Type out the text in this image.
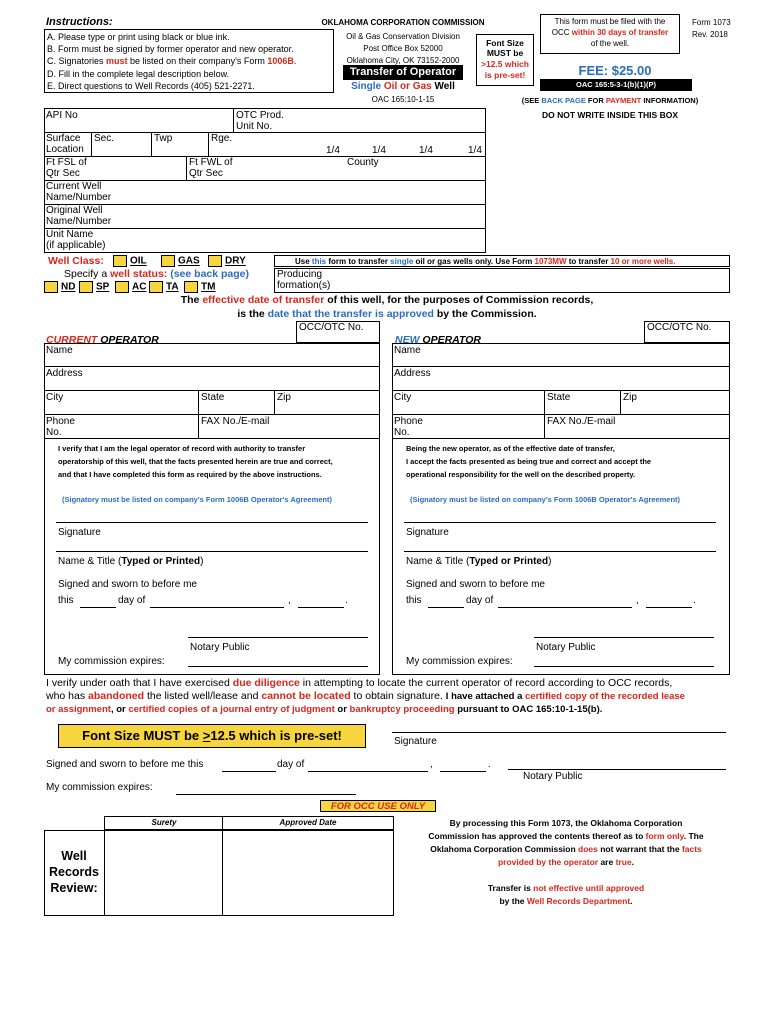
Instructions:
A. Please type or print using black or blue ink.
B. Form must be signed by former operator and new operator.
C. Signatories must be listed on their company's Form 1006B.
D. Fill in the complete legal description below.
E. Direct questions to Well Records (405) 521-2271.
OKLAHOMA CORPORATION COMMISSION
Oil & Gas Conservation Division
Post Office Box 52000
Oklahoma City, OK 73152-2000
Transfer of Operator
Single Oil or Gas Well
OAC 165:10-1-15
Font Size
MUST be
>12.5 which
is pre-set!
This form must be filed with the
OCC within 30 days of transfer
of the well.
Form 1073
Rev. 2018
FEE: $25.00
OAC 165:5-3-1(b)(1)(P)
(SEE BACK PAGE FOR PAYMENT INFORMATION)
API No	OTC Prod.
Unit No.
Surface
Location
Sec.	Twp	Rge.
1/4	1/4	1/4	1/4
Ft FSL of
Qtr Sec
Ft FWL of
Qtr Sec
County
Current Well
Name/Number
Original Well
Name/Number
Unit Name
(if applicable)
DO NOT WRITE INSIDE THIS BOX
Well Class:	OIL	GAS	DRY	Use this form to transfer single oil or gas wells only. Use Form 1073MW to transfer 10 or more wells.
Specify a well status: (see back page)
ND	SP	AC	TA	TM
Producing
formation(s)
The effective date of transfer of this well, for the purposes of Commission records,
is the date that the transfer is approved by the Commission.
OCC/OTC No.
CURRENT OPERATOR
Name
Address
City	State	Zip
Phone
No.
FAX No./E-mail
I verify that I am the legal operator of record with authority to transfer
operatorship of this well, that the facts presented herein are true and correct,
and that I have completed this form as required by the above instructions.
(Signatory must be listed on company's Form 1006B Operator's Agreement)
Signature
Name & Title (Typed or Printed)
Signed and sworn to before me
this	day of	,	.
Notary Public
My commission expires:
OCC/OTC No.
NEW OPERATOR
Name
Address
City	State	Zip
Phone
No.
FAX No./E-mail
Being the new operator, as of the effective date of transfer,
I accept the facts presented as being true and correct and accept the
operational responsibility for the well on the described property.
(Signatory must be listed on company's Form 1006B Operator's Agreement)
Signature
Name & Title (Typed or Printed)
Signed and sworn to before me
this	day of	,	.
Notary Public
My commission expires:
I verify under oath that I have exercised due diligence in attempting to locate the current operator of record according to OCC records,
who has abandoned the listed well/lease and cannot be located to obtain signature. I have attached a certified copy of the recorded lease
or assignment, or certified copies of a journal entry of judgment or bankruptcy proceeding pursuant to OAC 165:10-1-15(b).
Font Size MUST be >12.5 which is pre-set!	Signature
Signed and sworn to before me this	day of	,	.
Notary Public
My commission expires:
FOR OCC USE ONLY
Surety	Approved Date
Well
Records
Review:
By processing this Form 1073, the Oklahoma Corporation
Commission has approved the contents thereof as to form only. The
Oklahoma Corporation Commission does not warrant that the facts
provided by the operator are true.
Transfer is not effective until approved
by the Well Records Department.
